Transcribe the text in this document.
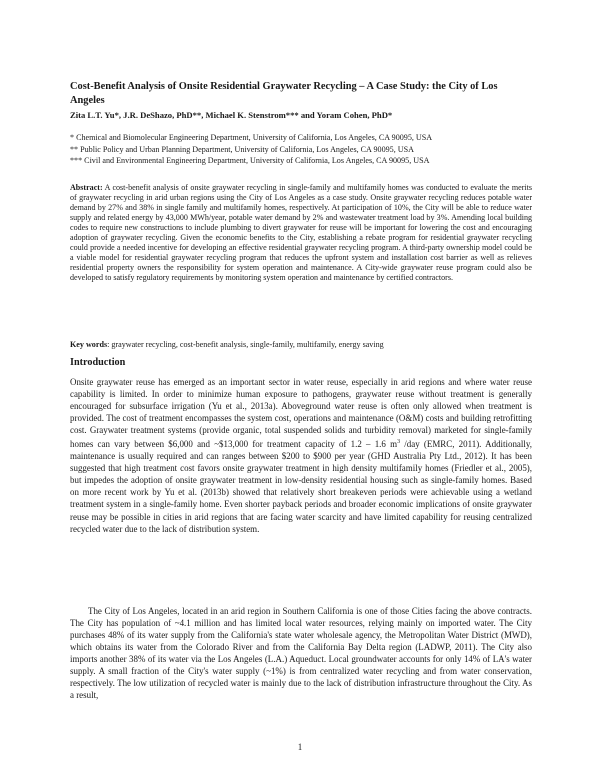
Cost-Benefit Analysis of Onsite Residential Graywater Recycling – A Case Study: the City of Los Angeles

Zita L.T. Yu*, J.R. DeShazo, PhD**, Michael K. Stenstrom*** and Yoram Cohen, PhD*

* Chemical and Biomolecular Engineering Department, University of California, Los Angeles, CA 90095, USA
** Public Policy and Urban Planning Department, University of California, Los Angeles, CA 90095, USA
*** Civil and Environmental Engineering Department, University of California, Los Angeles, CA 90095, USA

Abstract: A cost-benefit analysis of onsite graywater recycling in single-family and multifamily homes was conducted to evaluate the merits of graywater recycling in arid urban regions using the City of Los Angeles as a case study. Onsite graywater recycling reduces potable water demand by 27% and 38% in single family and multifamily homes, respectively. At participation of 10%, the City will be able to reduce water supply and related energy by 43,000 MWh/year, potable water demand by 2% and wastewater treatment load by 3%. Amending local building codes to require new constructions to include plumbing to divert graywater for reuse will be important for lowering the cost and encouraging adoption of graywater recycling. Given the economic benefits to the City, establishing a rebate program for residential graywater recycling could provide a needed incentive for developing an effective residential graywater recycling program. A third-party ownership model could be a viable model for residential graywater recycling program that reduces the upfront system and installation cost barrier as well as relieves residential property owners the responsibility for system operation and maintenance. A City-wide graywater reuse program could also be developed to satisfy regulatory requirements by monitoring system operation and maintenance by certified contractors.

Key words: graywater recycling, cost-benefit analysis, single-family, multifamily, energy saving

Introduction

Onsite graywater reuse has emerged as an important sector in water reuse, especially in arid regions and where water reuse capability is limited. In order to minimize human exposure to pathogens, graywater reuse without treatment is generally encouraged for subsurface irrigation (Yu et al., 2013a). Aboveground water reuse is often only allowed when treatment is provided. The cost of treatment encompasses the system cost, operations and maintenance (O&M) costs and building retrofitting cost. Graywater treatment systems (provide organic, total suspended solids and turbidity removal) marketed for single-family homes can vary between $6,000 and ~$13,000 for treatment capacity of 1.2 – 1.6 $m^3$ /day (EMRC, 2011). Additionally, maintenance is usually required and can ranges between $200 to $900 per year (GHD Australia Pty Ltd., 2012). It has been suggested that high treatment cost favors onsite graywater treatment in high density multifamily homes (Friedler et al., 2005), but impedes the adoption of onsite graywater treatment in low-density residential housing such as single-family homes. Based on more recent work by Yu et al. (2013b) showed that relatively short breakeven periods were achievable using a wetland treatment system in a single-family home. Even shorter payback periods and broader economic implications of onsite graywater reuse may be possible in cities in arid regions that are facing water scarcity and have limited capability for reusing centralized recycled water due to the lack of distribution system.

The City of Los Angeles, located in an arid region in Southern California is one of those Cities facing the above contracts. The City has population of ~4.1 million and has limited local water resources, relying mainly on imported water. The City purchases 48% of its water supply from the California's state water wholesale agency, the Metropolitan Water District (MWD), which obtains its water from the Colorado River and from the California Bay Delta region (LADWP, 2011). The City also imports another 38% of its water via the Los Angeles (L.A.) Aqueduct. Local groundwater accounts for only 14% of LA's water supply. A small fraction of the City's water supply (~1%) is from centralized water recycling and from water conservation, respectively. The low utilization of recycled water is mainly due to the lack of distribution infrastructure throughout the City. As a result,

1
